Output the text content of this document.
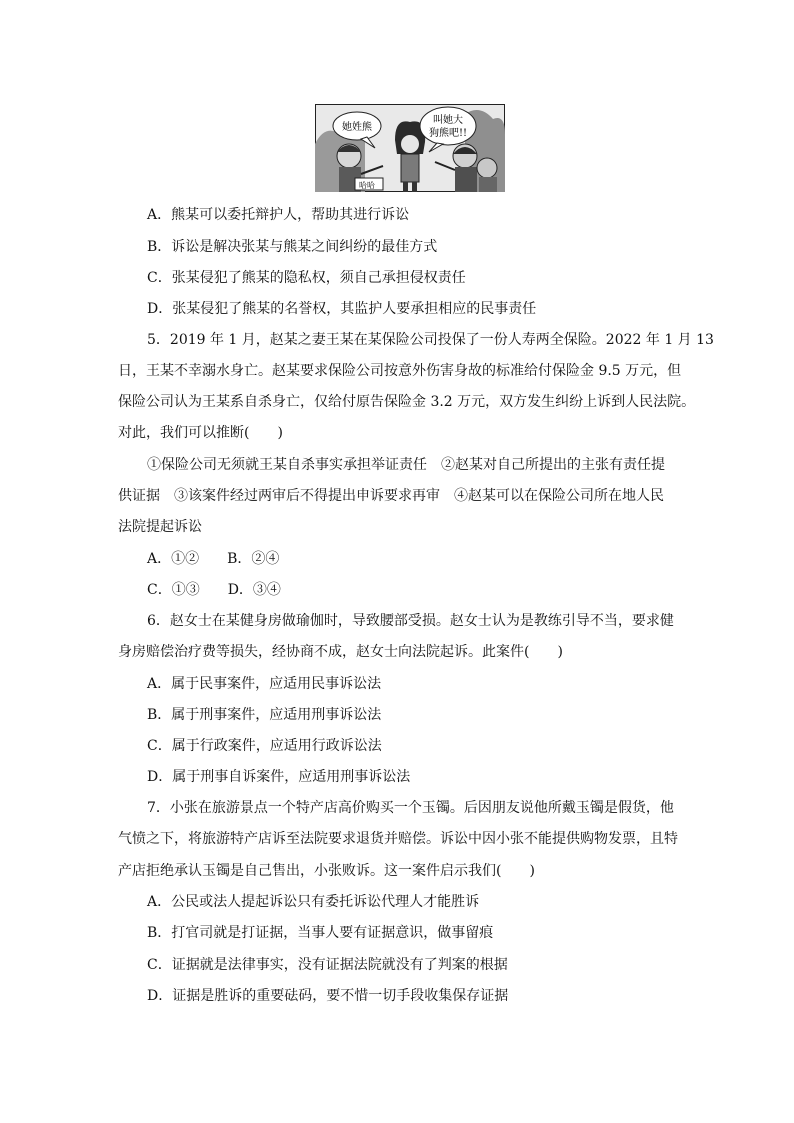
她姓熊
叫她大
狗熊吧!!
哈哈
A．熊某可以委托辩护人，帮助其进行诉讼
B．诉讼是解决张某与熊某之间纠纷的最佳方式
C．张某侵犯了熊某的隐私权，须自己承担侵权责任
D．张某侵犯了熊某的名誉权，其监护人要承担相应的民事责任
5．2019 年 1 月，赵某之妻王某在某保险公司投保了一份人寿两全保险。2022 年 1 月 13
日，王某不幸溺水身亡。赵某要求保险公司按意外伤害身故的标准给付保险金 9.5 万元，但
保险公司认为王某系自杀身亡，仅给付原告保险金 3.2 万元，双方发生纠纷上诉到人民法院。
对此，我们可以推断(　　)
①保险公司无须就王某自杀事实承担举证责任　②赵某对自己所提出的主张有责任提
供证据　③该案件经过两审后不得提出申诉要求再审　④赵某可以在保险公司所在地人民
法院提起诉讼
A．①②　　B．②④
C．①③　　D．③④
6．赵女士在某健身房做瑜伽时，导致腰部受损。赵女士认为是教练引导不当，要求健
身房赔偿治疗费等损失，经协商不成，赵女士向法院起诉。此案件(　　)
A．属于民事案件，应适用民事诉讼法
B．属于刑事案件，应适用刑事诉讼法
C．属于行政案件，应适用行政诉讼法
D．属于刑事自诉案件，应适用刑事诉讼法
7．小张在旅游景点一个特产店高价购买一个玉镯。后因朋友说他所戴玉镯是假货，他
气愤之下，将旅游特产店诉至法院要求退货并赔偿。诉讼中因小张不能提供购物发票，且特
产店拒绝承认玉镯是自己售出，小张败诉。这一案件启示我们(　　)
A．公民或法人提起诉讼只有委托诉讼代理人才能胜诉
B．打官司就是打证据，当事人要有证据意识，做事留痕
C．证据就是法律事实，没有证据法院就没有了判案的根据
D．证据是胜诉的重要砝码，要不惜一切手段收集保存证据
